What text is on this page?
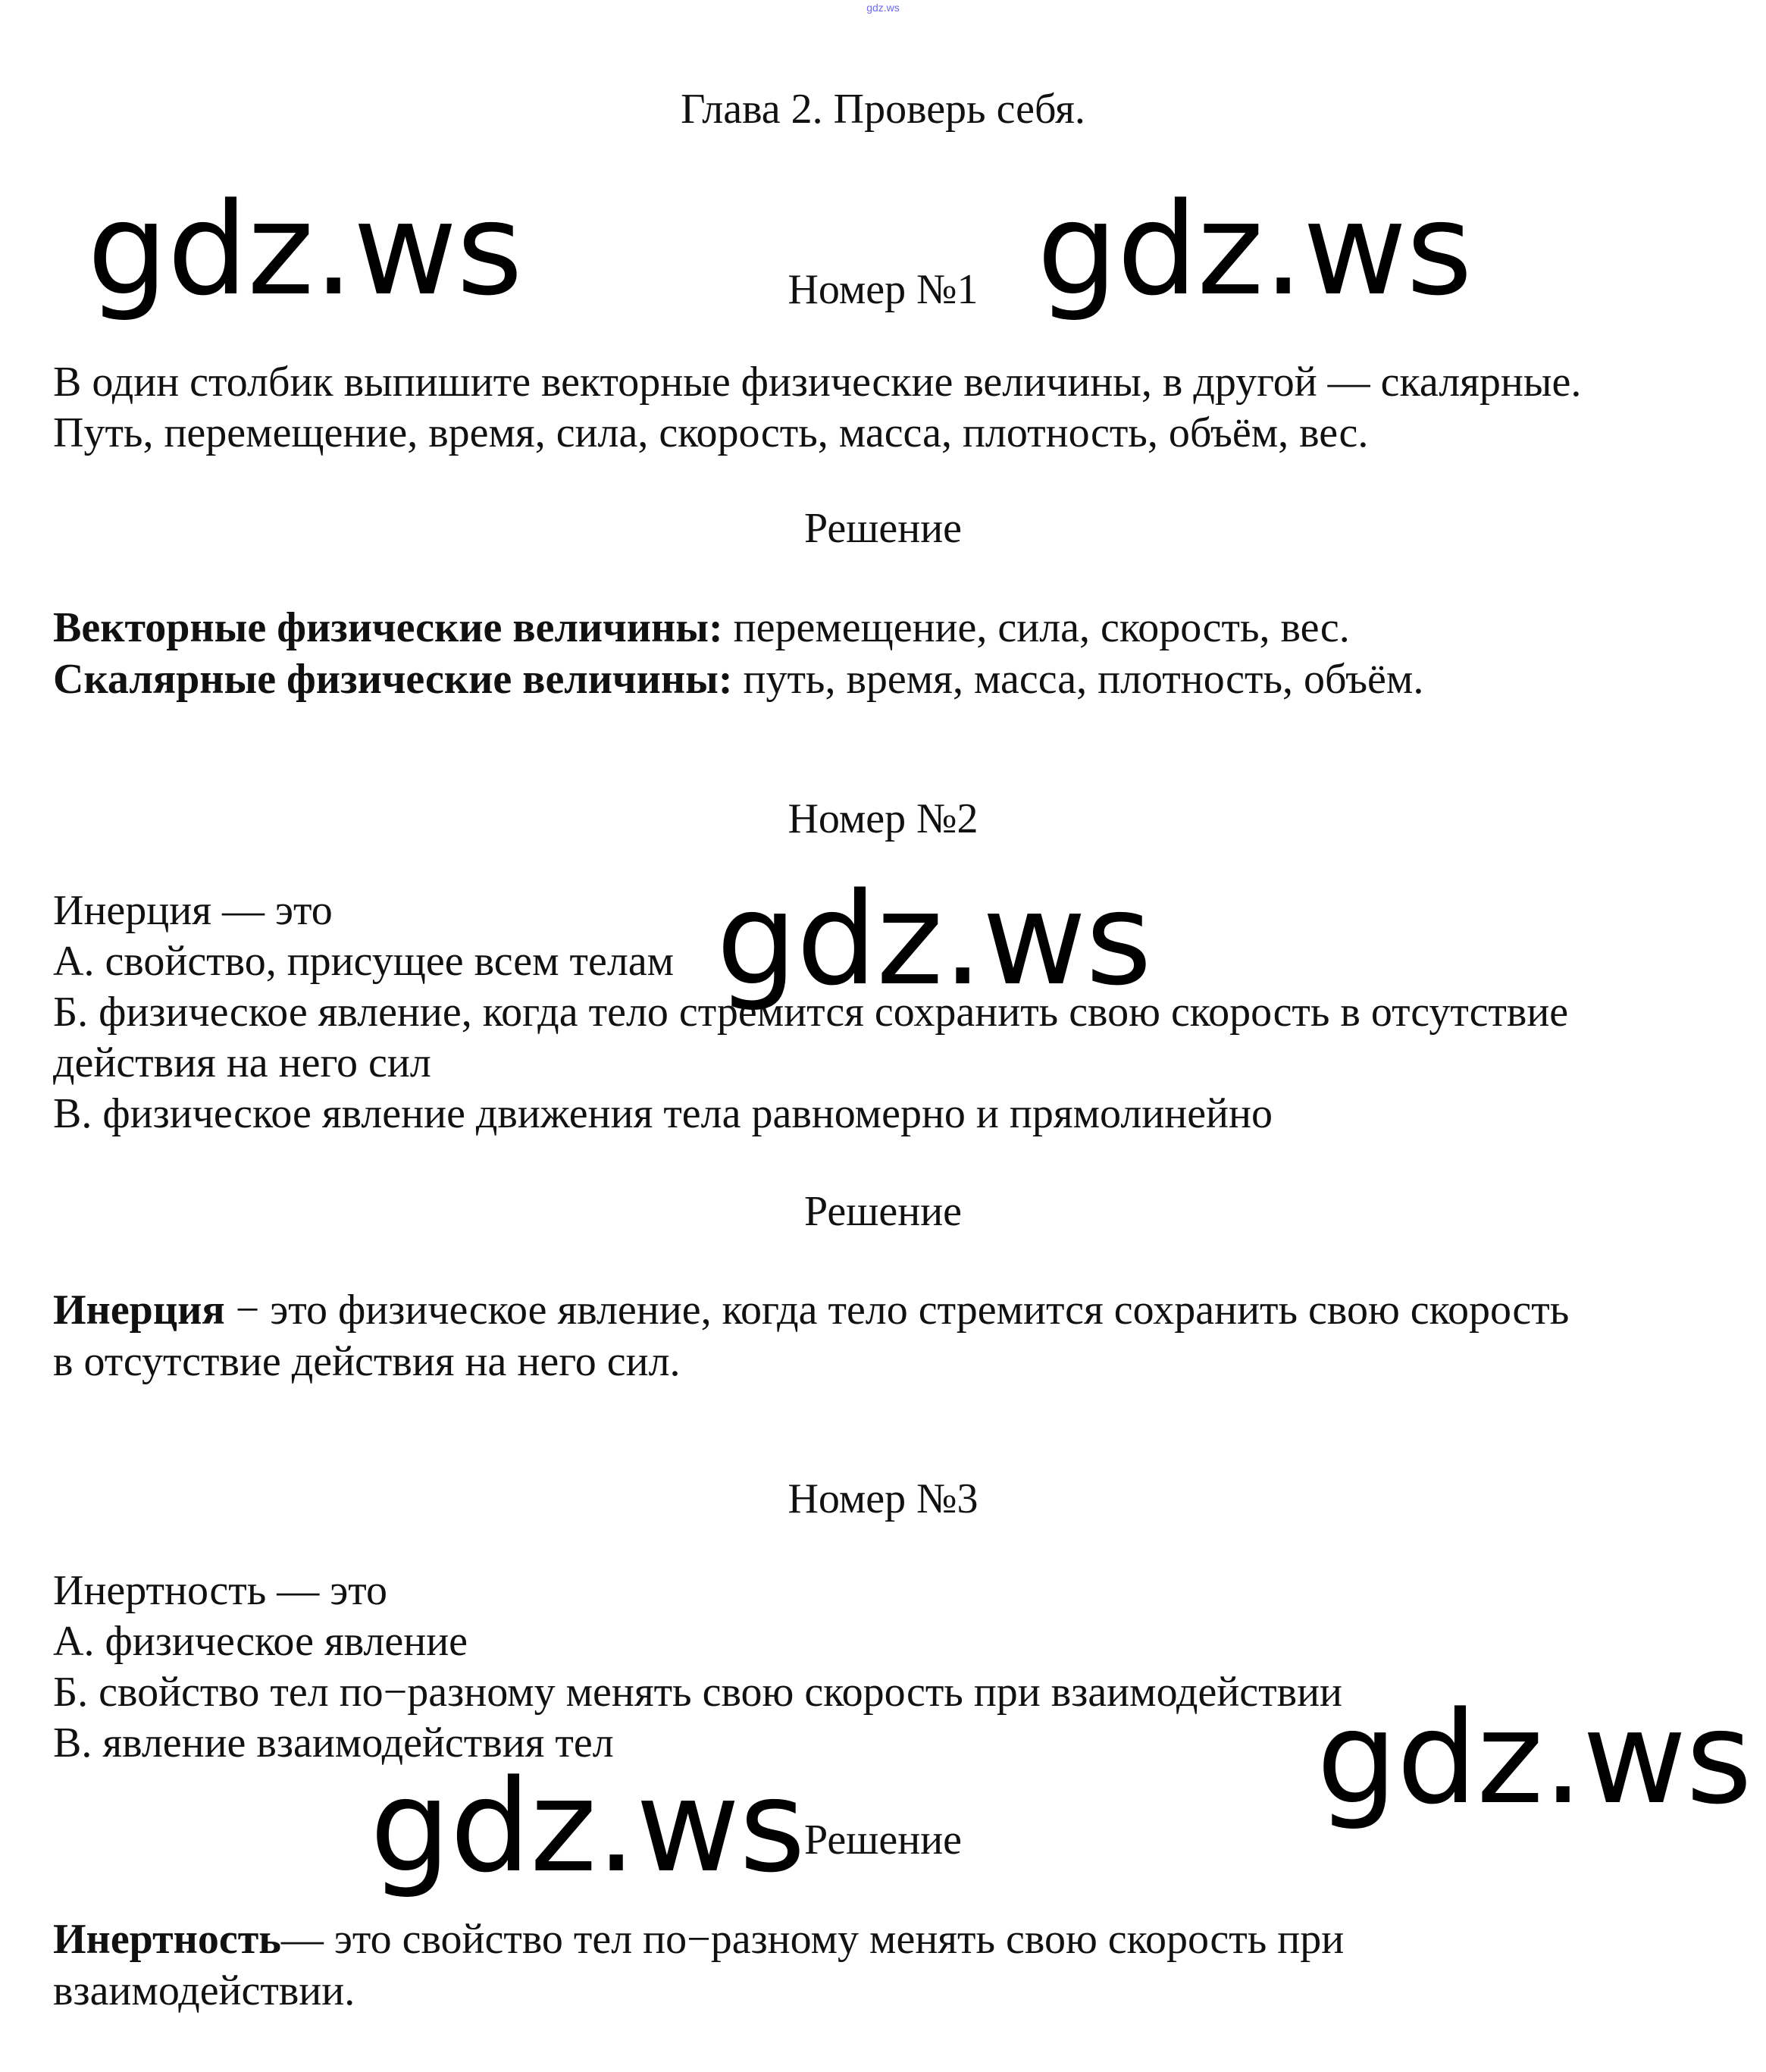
gdz.ws
Глава 2. Проверь себя.
Номер №1
В один столбик выпишите векторные физические величины, в другой — скалярные.
Путь, перемещение, время, сила, скорость, масса, плотность, объём, вес.
Решение
Векторные физические величины: перемещение, сила, скорость, вес.
Скалярные физические величины: путь, время, масса, плотность, объём.
Номер №2
Инерция — это
А. свойство, присущее всем телам
Б. физическое явление, когда тело стремится сохранить свою скорость в отсутствие
действия на него сил
В. физическое явление движения тела равномерно и прямолинейно
Решение
Инерция − это физическое явление, когда тело стремится сохранить свою скорость
в отсутствие действия на него сил.
Номер №3
Инертность — это
А. физическое явление
Б. свойство тел по−разному менять свою скорость при взаимодействии
В. явление взаимодействия тел
Решение
Инертность— это свойство тел по−разному менять свою скорость при
взаимодействии.
gdz.ws	gdz.ws
gdz.ws
gdz.ws
gdz.ws
